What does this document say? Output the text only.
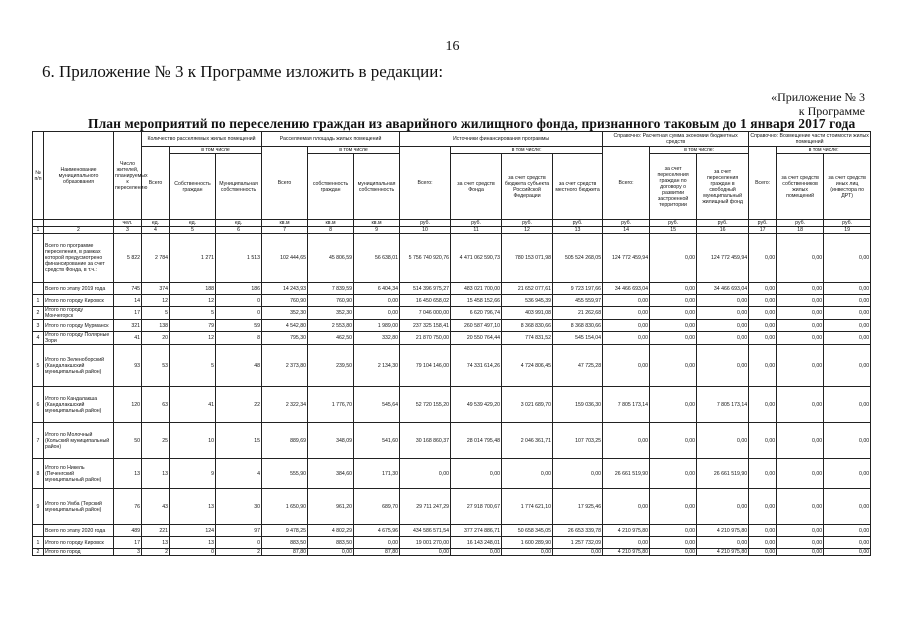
16
6. Приложение № 3 к Программе изложить в редакции:
«Приложение № 3
к Программе
План мероприятий по переселению граждан из аварийного жилищного фонда, признанного таковым до 1 января 2017 года
№ п/п	Наименование муниципального образования	Число жителей, планируемых к переселению	Количество расселяемых жилых помещений			Расселяемая площадь жилых помещений			Источники финансирования программы				Справочно: Расчетная сумма экономии бюджетных средств			Справочно: Возмещение части стоимости жилых помещений		
			Всего	в том числе		Всего	в том числе		Всего:	в том числе:			Всего:	в том числе:		Всего:	в том числе:	
				Собственность граждан	Муниципальная собственность		собственность граждан	муниципальная собственность		за счет средств Фонда	за счет средств бюджета субъекта Российской Федерации	за счет средств местного бюджета		за счет переселения граждан по договору о развитии застроенной территории	за счет переселения граждан в свободный муниципальный жилищный фонд		за счет средств собственников жилых помещений	за счет средств иных лиц (инвестора по ДРТ)
		чел.	ед.	ед.	ед.	кв.м	кв.м	кв.м	руб.	руб.	руб.	руб.	руб.	руб.	руб.	руб.	руб.	руб.
1	2	3	4	5	6	7	8	9	10	11	12	13	14	15	16	17	18	19
	Всего по программе переселения, в рамках которой предусмотрено финансирование за счет средств Фонда, в т.ч.:	5 822	2 784	1 271	1 513	102 444,65	45 806,59	56 638,01	5 756 740 920,76	4 471 062 590,73	780 153 071,98	505 524 268,05	124 772 459,94	0,00	124 772 459,94	0,00	0,00	0,00
	Всего по этапу 2019 года	745	374	188	186	14 243,93	7 839,59	6 404,34	514 396 975,27	483 021 700,00	21 652 077,61	9 723 197,66	34 466 693,04	0,00	34 466 693,04	0,00	0,00	0,00
1	Итого по городу Кировск	14	12	12	0	760,90	760,90	0,00	16 450 658,02	15 458 152,66	536 945,39	455 559,97	0,00	0,00	0,00	0,00	0,00	0,00
2	Итого по городу Мончегорск	17	5	5	0	352,30	352,30	0,00	7 046 000,00	6 620 796,74	403 991,08	21 262,68	0,00	0,00	0,00	0,00	0,00	0,00
3	Итого по городу Мурманск	321	138	79	59	4 542,80	2 553,80	1 989,00	237 325 158,41	260 587 497,10	8 368 830,66	8 368 830,66	0,00	0,00	0,00	0,00	0,00	0,00
4	Итого по городу Полярные Зори	41	20	12	8	795,30	462,50	332,80	21 870 750,00	20 550 764,44	774 831,52	545 154,04	0,00	0,00	0,00	0,00	0,00	0,00
5	Итого по Зеленоборский (Кандалакшский муниципальный район)	93	53	5	48	2 373,80	239,50	2 134,30	79 104 146,00	74 331 614,26	4 724 806,45	47 725,28	0,00	0,00	0,00	0,00	0,00	0,00
6	Итого по Кандалакша (Кандалакшский муниципальный район)	120	63	41	22	2 322,34	1 776,70	545,64	52 720 155,20	49 539 429,20	3 021 689,70	159 036,30	7 805 173,14	0,00	7 805 173,14	0,00	0,00	0,00
7	Итого по Молочный (Кольский муниципальный район)	50	25	10	15	889,69	348,09	541,60	30 168 860,37	28 014 795,48	2 046 361,71	107 703,25	0,00	0,00	0,00	0,00	0,00	0,00
8	Итого по Никель (Печенгский муниципальный район)	13	13	9	4	555,90	384,60	171,30	0,00	0,00	0,00	0,00	26 661 519,90	0,00	26 661 519,90	0,00	0,00	0,00
9	Итого по Умба (Терский муниципальный район)	76	43	13	30	1 650,90	961,20	689,70	29 711 247,29	27 918 700,67	1 774 621,10	17 925,46	0,00	0,00	0,00	0,00	0,00	0,00
	Всего по этапу 2020 года	489	221	124	97	9 478,25	4 802,29	4 675,96	434 586 571,54	377 274 886,71	50 658 345,05	26 653 339,78	4 210 975,80	0,00	4 210 975,80	0,00	0,00	0,00
1	Итого по городу Кировск	17	13	13	0	883,50	883,50	0,00	19 001 270,00	16 143 248,01	1 600 289,90	1 257 732,09	0,00	0,00	0,00	0,00	0,00	0,00
2	Итого по город	3	2	0	2	87,80	0,00	87,80	0,00	0,00	0,00	0,00	4 210 975,80	0,00	4 210 975,80	0,00	0,00	0,00
